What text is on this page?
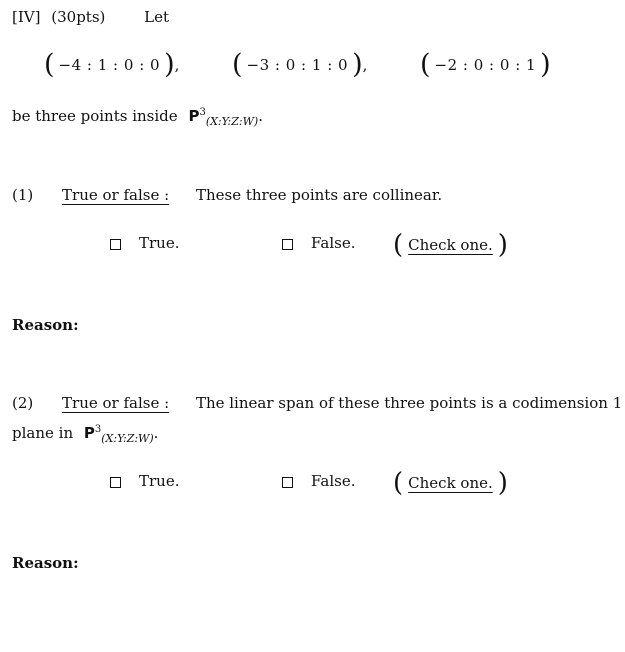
[IV] (30pts)	Let
( −4 : 1 : 0 : 0 ), ( −3 : 0 : 1 : 0 ), ( −2 : 0 : 0 : 1 )
be three points inside $P^3_{(X:Y:Z:W)}$.
(1) True or false : These three points are collinear.
True.	False. ( Check one. )
Reason:
(2) True or false : The linear span of these three points is a codimension 1
plane in $P^3_{(X:Y:Z:W)}$.
True.	False. ( Check one. )
Reason:
